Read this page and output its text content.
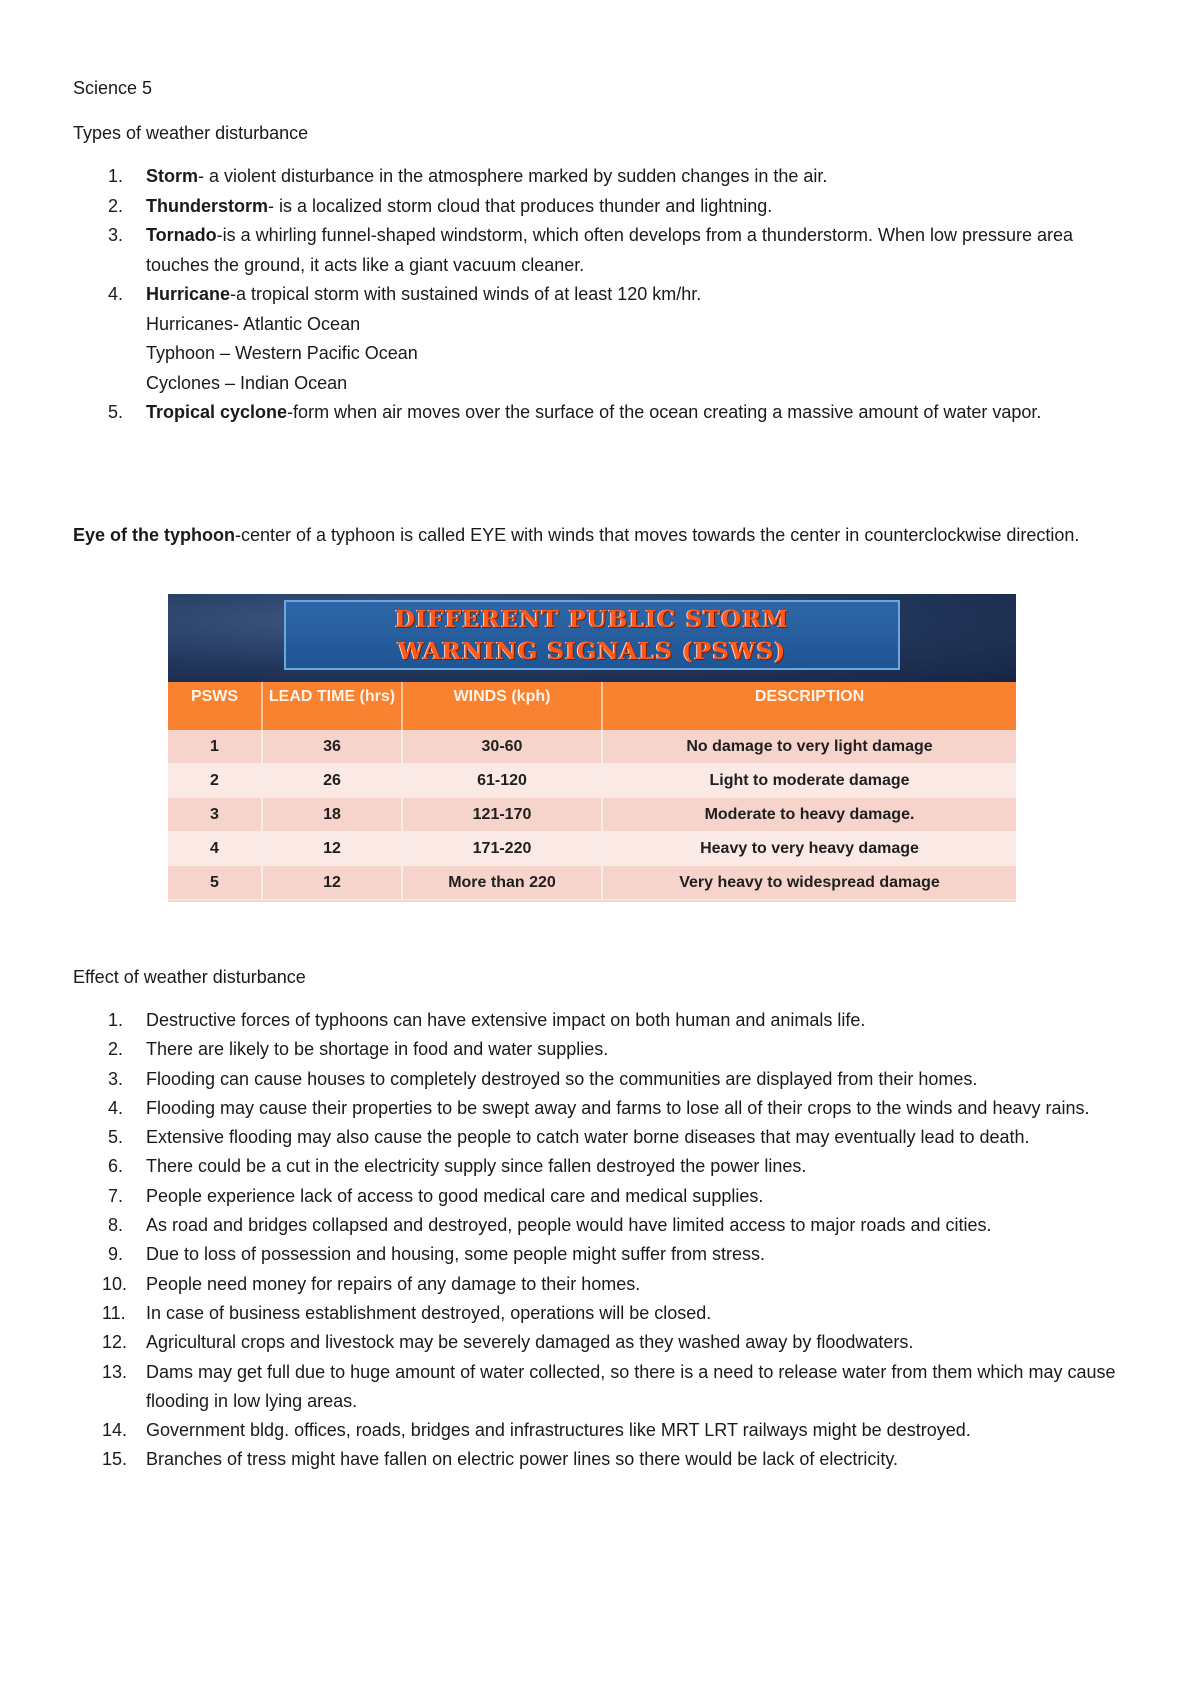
Science 5
Types of weather disturbance
1.	Storm- a violent disturbance in the atmosphere marked by sudden changes in the air.
2.	Thunderstorm- is a localized storm cloud that produces thunder and lightning.
3.	Tornado-is a whirling funnel-shaped windstorm, which often develops from a thunderstorm. When low pressure area touches the ground, it acts like a giant vacuum cleaner.
4.	Hurricane-a tropical storm with sustained winds of at least 120 km/hr.
Hurricanes- Atlantic Ocean
Typhoon – Western Pacific Ocean
Cyclones – Indian Ocean
5.	Tropical cyclone-form when air moves over the surface of the ocean creating a massive amount of water vapor.
Eye of the typhoon-center of a typhoon is called EYE with winds that moves towards the center in counterclockwise direction.
DIFFERENT PUBLIC STORM
WARNING SIGNALS (PSWS)
PSWS	LEAD TIME (hrs)	WINDS (kph)	DESCRIPTION
1	36	30-60	No damage to very light damage
2	26	61-120	Light to moderate damage
3	18	121-170	Moderate to heavy damage.
4	12	171-220	Heavy to very heavy damage
5	12	More than 220	Very heavy to widespread damage
Effect of weather disturbance
1.	Destructive forces of typhoons can have extensive impact on both human and animals life.
2.	There are likely to be shortage in food and water supplies.
3.	Flooding can cause houses to completely destroyed so the communities are displayed from their homes.
4.	Flooding may cause their properties to be swept away and farms to lose all of their crops to the winds and heavy rains.
5.	Extensive flooding may also cause the people to catch water borne diseases that may eventually lead to death.
6.	There could be a cut in the electricity supply since fallen destroyed the power lines.
7.	People experience lack of access to good medical care and medical supplies.
8.	As road and bridges collapsed and destroyed, people would have limited access to major roads and cities.
9.	Due to loss of possession and housing, some people might suffer from stress.
10.	People need money for repairs of any damage to their homes.
11.	In case of business establishment destroyed, operations will be closed.
12.	Agricultural crops and livestock may be severely damaged as they washed away by floodwaters.
13.	Dams may get full due to huge amount of water collected, so there is a need to release water from them which may cause flooding in low lying areas.
14.	Government bldg. offices, roads, bridges and infrastructures like MRT LRT railways might be destroyed.
15.	Branches of tress might have fallen on electric power lines so there would be lack of electricity.
